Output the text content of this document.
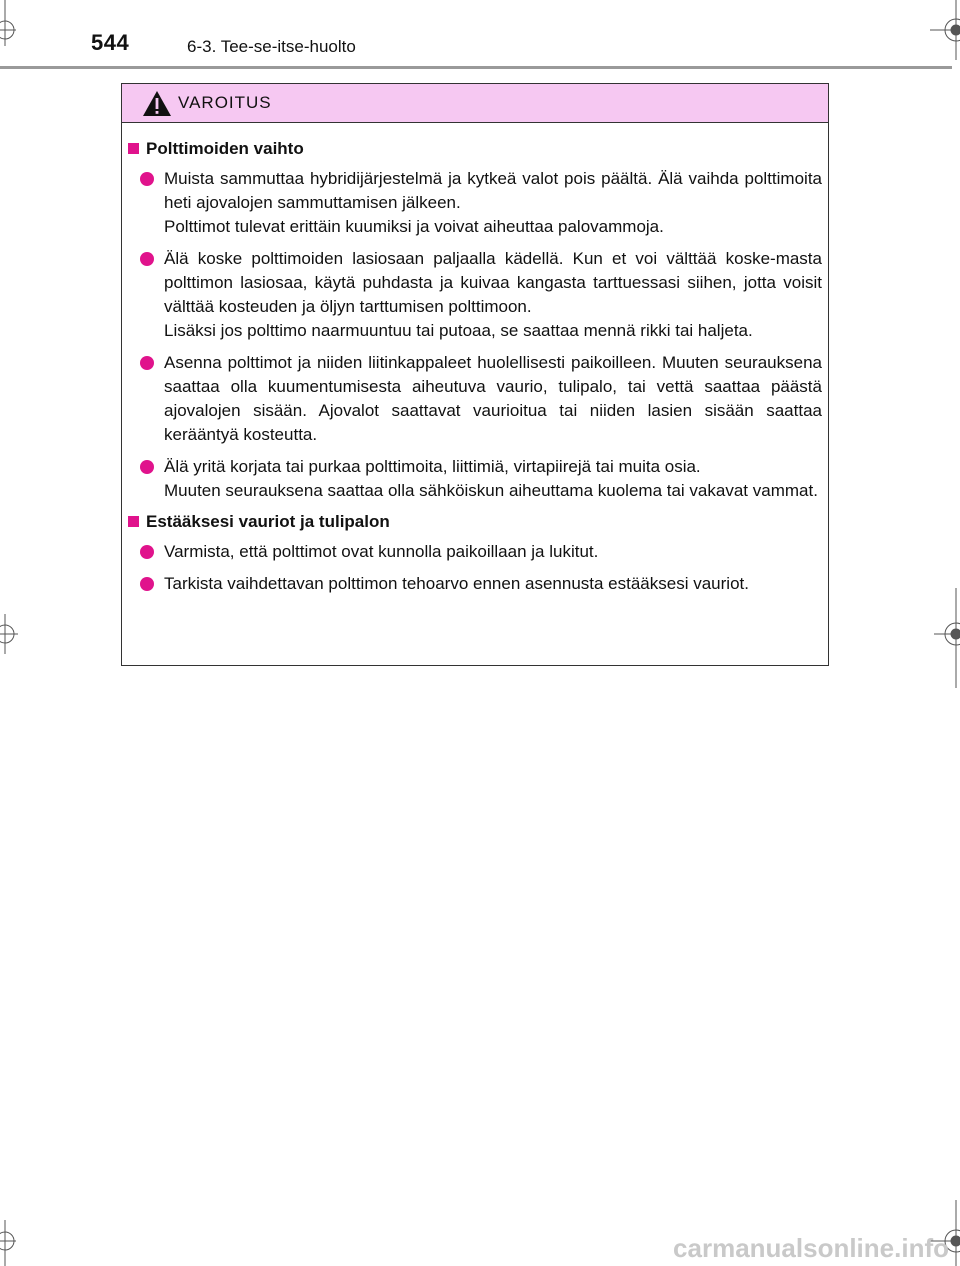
544	6-3. Tee-se-itse-huolto
VAROITUS
Polttimoiden vaihto
Muista sammuttaa hybridijärjestelmä ja kytkeä valot pois päältä. Älä vaihda polttimoita heti ajovalojen sammuttamisen jälkeen.
Polttimot tulevat erittäin kuumiksi ja voivat aiheuttaa palovammoja.
Älä koske polttimoiden lasiosaan paljaalla kädellä. Kun et voi välttää koske-masta polttimon lasiosaa, käytä puhdasta ja kuivaa kangasta tarttuessasi siihen, jotta voisit välttää kosteuden ja öljyn tarttumisen polttimoon.
Lisäksi jos polttimo naarmuuntuu tai putoaa, se saattaa mennä rikki tai haljeta.
Asenna polttimot ja niiden liitinkappaleet huolellisesti paikoilleen. Muuten seurauksena saattaa olla kuumentumisesta aiheutuva vaurio, tulipalo, tai vettä saattaa päästä ajovalojen sisään. Ajovalot saattavat vaurioitua tai niiden lasien sisään saattaa kerääntyä kosteutta.
Älä yritä korjata tai purkaa polttimoita, liittimiä, virtapiirejä tai muita osia.
Muuten seurauksena saattaa olla sähköiskun aiheuttama kuolema tai vakavat vammat.
Estääksesi vauriot ja tulipalon
Varmista, että polttimot ovat kunnolla paikoillaan ja lukitut.
Tarkista vaihdettavan polttimon tehoarvo ennen asennusta estääksesi vauriot.
carmanualsonline.info
